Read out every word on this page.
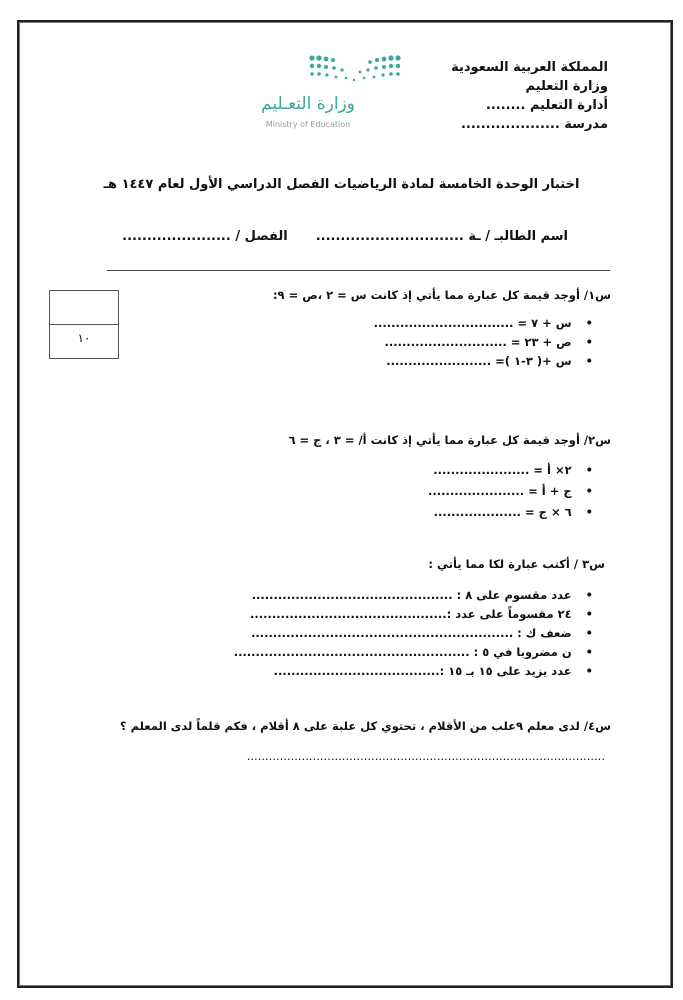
المملكة العربية السعودية
وزارة التعليم
أدارة التعليم ........
مدرسة ....................
وزارة التعـليم
Ministry of Education
اختبار الوحدة الخامسة لمادة الرياضيات الفصل الدراسي الأول لعام ١٤٤٧ هـ
اسم الطالبـ / ـة ..............................الفصل / ......................
١٠
س١/ أوجد قيمة كل عبارة مما يأتي إذ كانت س = ٢ ،ص = ٩:
• س + ٧ = ................................
• ص + ٢٣ = ............................
• س +( ٣-١ )= ........................
س٢/ أوجد قيمة كل عبارة مما يأتي إذ كانت أ/ = ٣ ، ج = ٦
• ٢× أ = ......................
• ج + أ = ......................
• ٦ × ج = ....................
س٣ / أكتب عبارة لكا مما يأتي :
• عدد مقسوم على ٨ : ..............................................
• ٢٤ مقسوماً على عدد :.............................................
• ضعف ك : ............................................................
• ن مضروبا في ٥ : ......................................................
• عدد يزيد على ١٥ بـ ١٥ :......................................
س٤/ لدى معلم ٩علب من الأقلام ، تحتوي كل علبة على ٨ أقلام ، فكم قلماً لدى المعلم ؟
..................................................................................................
